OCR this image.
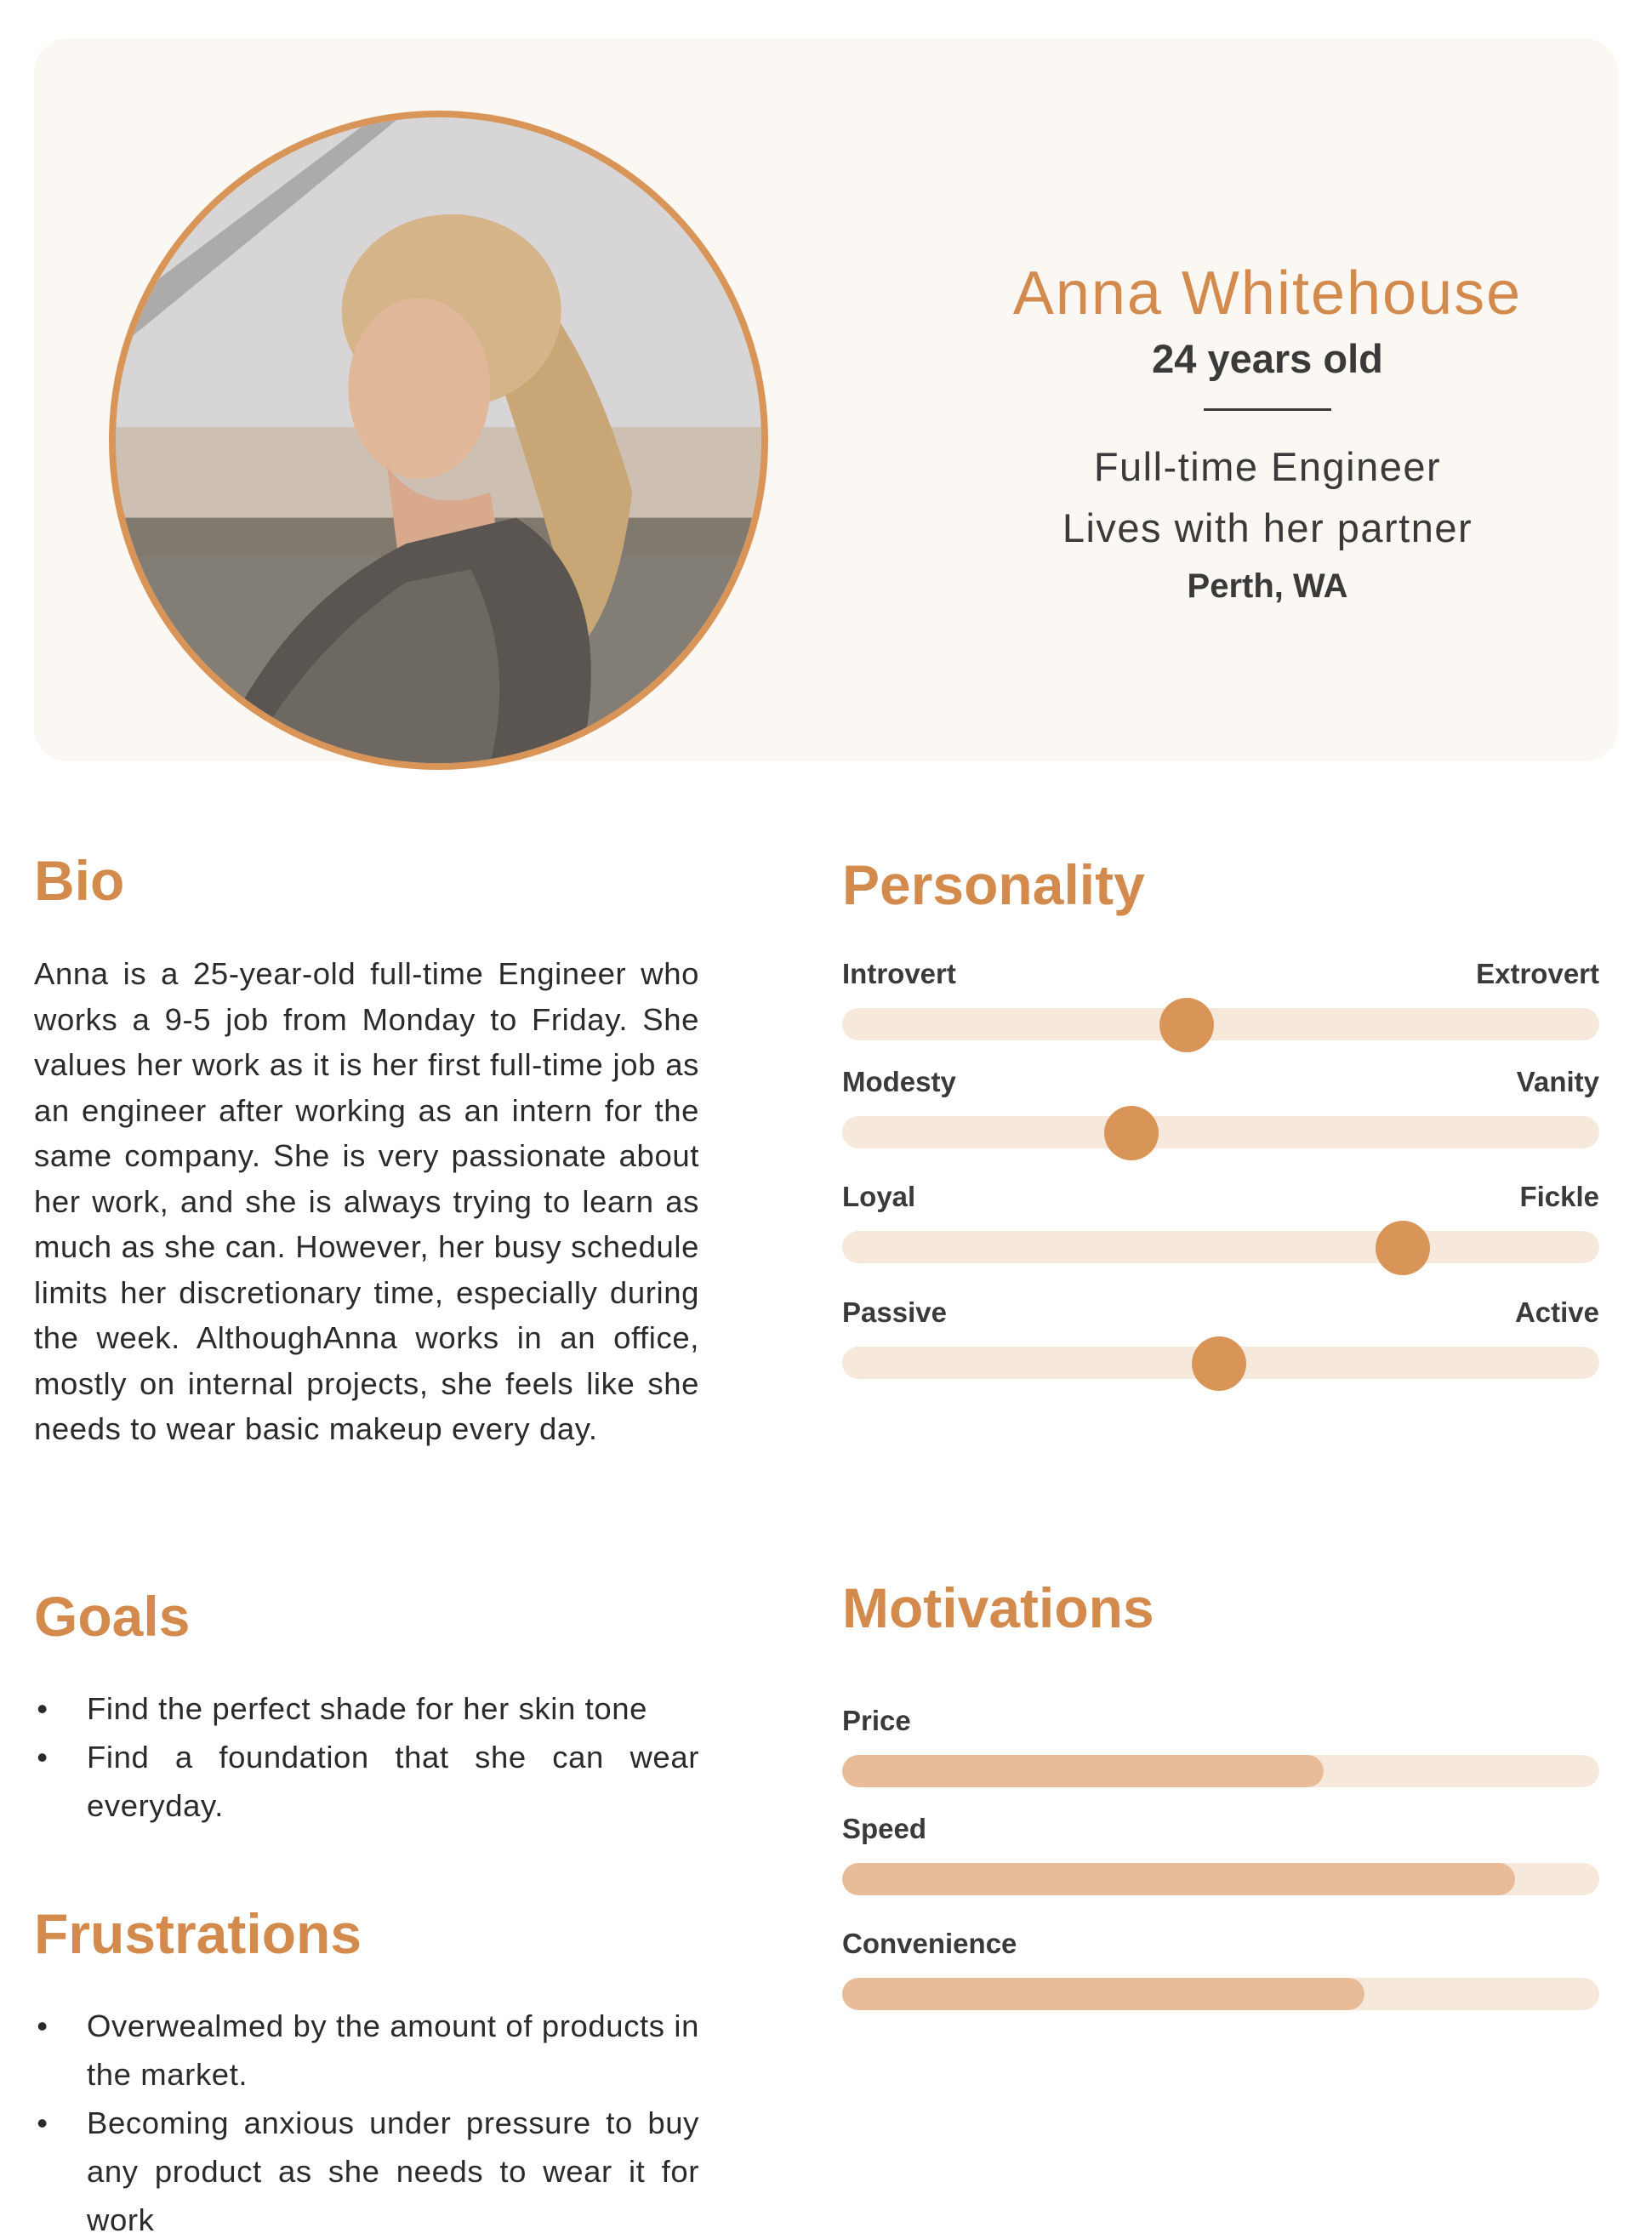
Anna Whitehouse
24 years old
Full-time Engineer
Lives with her partner
Perth, WA
Bio

Anna is a 25-year-old full-time Engineer who works a 9-5 job from Monday to Friday. She values her work as it is her first full-time job as an engineer after working as an intern for the same company. She is very passionate about her work, and she is always trying to learn as much as she can. However, her busy schedule limits her discretionary time, especially during the week. AlthoughAnna works in an office, mostly on internal projects, she feels like she needs to wear basic makeup every day.

Goals
• Find the perfect shade for her skin tone
• Find a foundation that she can wear everyday.
Frustrations
• Overwealmed by the amount of products in the market.
• Becoming anxious under pressure to buy any product as she needs to wear it for work
Personality
Introvert	Extrovert
Modesty	Vanity
Loyal	Fickle
Passive	Active
Motivations
Price
Speed
Convenience
